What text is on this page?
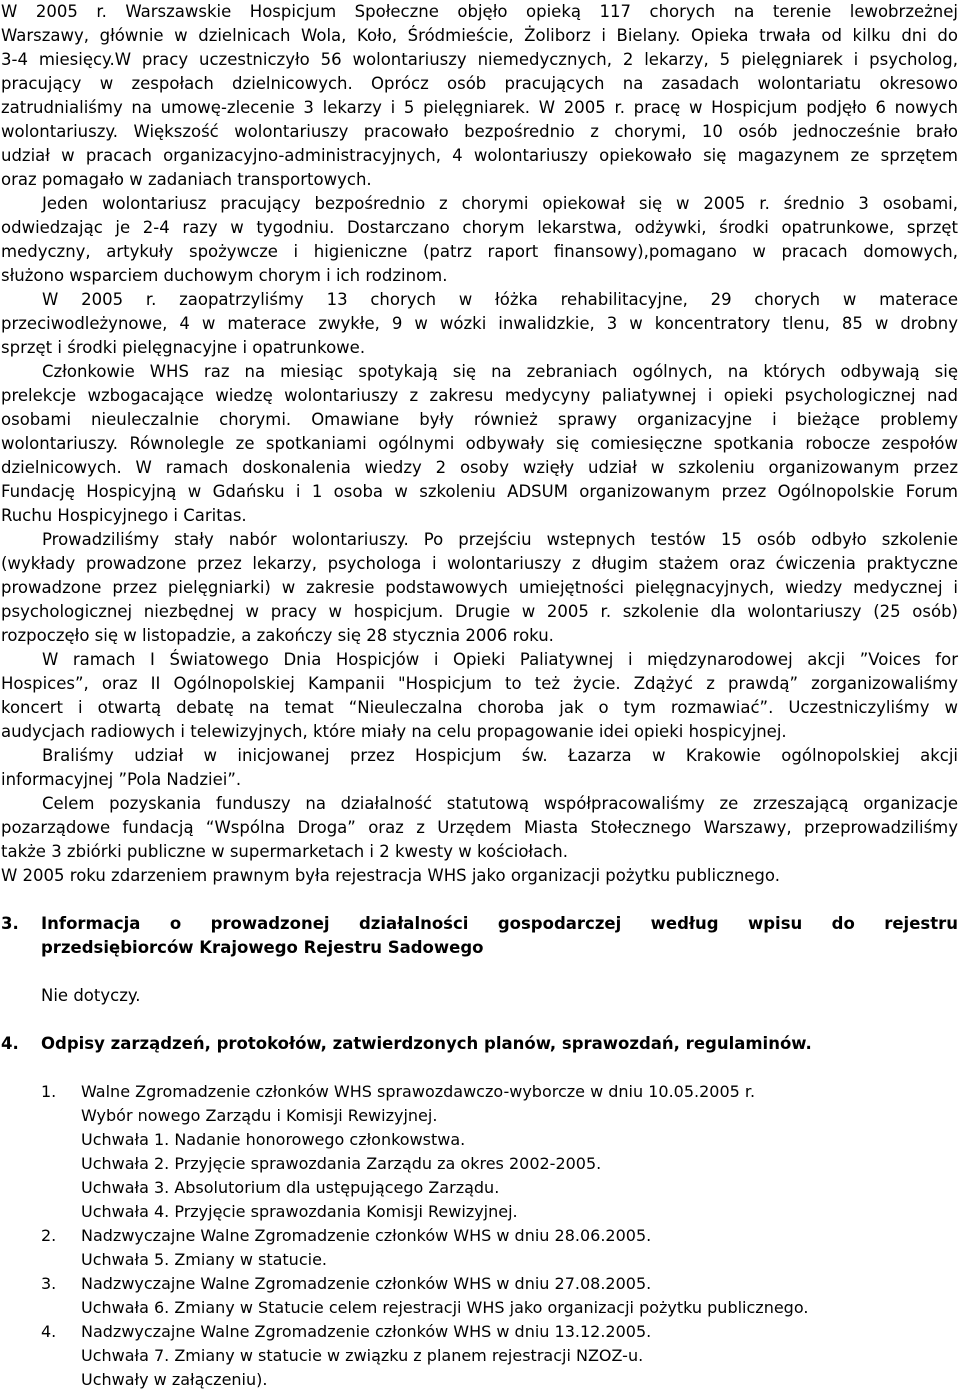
W 2005 r. Warszawskie Hospicjum Społeczne objęło opieką 117 chorych na terenie lewobrzeżnej
Warszawy, głównie w dzielnicach Wola, Koło, Śródmieście, Żoliborz i Bielany. Opieka trwała od kilku dni do
3-4 miesięcy.W pracy uczestniczyło 56 wolontariuszy niemedycznych, 2 lekarzy, 5 pielęgniarek i psycholog,
pracujący w zespołach dzielnicowych. Oprócz osób pracujących na zasadach wolontariatu okresowo
zatrudnialiśmy na umowę-zlecenie 3 lekarzy i 5 pielęgniarek. W 2005 r. pracę w Hospicjum podjęło 6 nowych
wolontariuszy. Większość wolontariuszy pracowało bezpośrednio z chorymi, 10 osób jednocześnie brało
udział w pracach organizacyjno-administracyjnych, 4 wolontariuszy opiekowało się magazynem ze sprzętem
oraz pomagało w zadaniach transportowych.
Jeden wolontariusz pracujący bezpośrednio z chorymi opiekował się w 2005 r. średnio 3 osobami,
odwiedzając je 2-4 razy w tygodniu. Dostarczano chorym lekarstwa, odżywki, środki opatrunkowe, sprzęt
medyczny, artykuły spożywcze i higieniczne (patrz raport finansowy),pomagano w pracach domowych,
służono wsparciem duchowym chorym i ich rodzinom.
W 2005 r. zaopatrzyliśmy 13 chorych w łóżka rehabilitacyjne, 29 chorych w materace
przeciwodleżynowe, 4 w materace zwykłe, 9 w wózki inwalidzkie, 3 w koncentratory tlenu, 85 w drobny
sprzęt i środki pielęgnacyjne i opatrunkowe.
Członkowie WHS raz na miesiąc spotykają się na zebraniach ogólnych, na których odbywają się
prelekcje wzbogacające wiedzę wolontariuszy z zakresu medycyny paliatywnej i opieki psychologicznej nad
osobami nieuleczalnie chorymi. Omawiane były również sprawy organizacyjne i bieżące problemy
wolontariuszy. Równolegle ze spotkaniami ogólnymi odbywały się comiesięczne spotkania robocze zespołów
dzielnicowych. W ramach doskonalenia wiedzy 2 osoby wzięły udział w szkoleniu organizowanym przez
Fundację Hospicyjną w Gdańsku i 1 osoba w szkoleniu ADSUM organizowanym przez Ogólnopolskie Forum
Ruchu Hospicyjnego i Caritas.
Prowadziliśmy stały nabór wolontariuszy. Po przejściu wstepnych testów 15 osób odbyło szkolenie
(wykłady prowadzone przez lekarzy, psychologa i wolontariuszy z długim stażem oraz ćwiczenia praktyczne
prowadzone przez pielęgniarki) w zakresie podstawowych umiejętności pielęgnacyjnych, wiedzy medycznej i
psychologicznej niezbędnej w pracy w hospicjum. Drugie w 2005 r. szkolenie dla wolontariuszy (25 osób)
rozpoczęło się w listopadzie, a zakończy się 28 stycznia 2006 roku.
W ramach I Światowego Dnia Hospicjów i Opieki Paliatywnej i międzynarodowej akcji ”Voices for
Hospices”, oraz II Ogólnopolskiej Kampanii "Hospicjum to też życie. Zdążyć z prawdą” zorganizowaliśmy
koncert i otwartą debatę na temat “Nieuleczalna choroba jak o tym rozmawiać”. Uczestniczyliśmy w
audycjach radiowych i telewizyjnych, które miały na celu propagowanie idei opieki hospicyjnej.
Braliśmy udział w inicjowanej przez Hospicjum św. Łazarza w Krakowie ogólnopolskiej akcji
informacyjnej ”Pola Nadziei”.
Celem pozyskania funduszy na działalność statutową współpracowaliśmy ze zrzeszającą organizacje
pozarządowe fundacją “Wspólna Droga” oraz z Urzędem Miasta Stołecznego Warszawy, przeprowadziliśmy
także 3 zbiórki publiczne w supermarketach i 2 kwesty w kościołach.
W 2005 roku zdarzeniem prawnym była rejestracja WHS jako organizacji pożytku publicznego.
3. Informacja o prowadzonej działalności gospodarczej według wpisu do rejestru
przedsiębiorców Krajowego Rejestru Sadowego
Nie dotyczy.
4. Odpisy zarządzeń, protokołów, zatwierdzonych planów, sprawozdań, regulaminów.
1. Walne Zgromadzenie członków WHS sprawozdawczo-wyborcze w dniu 10.05.2005 r.
Wybór nowego Zarządu i Komisji Rewizyjnej.
Uchwała 1. Nadanie honorowego członkowstwa.
Uchwała 2. Przyjęcie sprawozdania Zarządu za okres 2002-2005.
Uchwała 3. Absolutorium dla ustępującego Zarządu.
Uchwała 4. Przyjęcie sprawozdania Komisji Rewizyjnej.
2. Nadzwyczajne Walne Zgromadzenie członków WHS w dniu 28.06.2005.
Uchwała 5. Zmiany w statucie.
3. Nadzwyczajne Walne Zgromadzenie członków WHS w dniu 27.08.2005.
Uchwała 6. Zmiany w Statucie celem rejestracji WHS jako organizacji pożytku publicznego.
4. Nadzwyczajne Walne Zgromadzenie członków WHS w dniu 13.12.2005.
Uchwała 7. Zmiany w statucie w związku z planem rejestracji NZOZ-u.
Uchwały w załączeniu).
